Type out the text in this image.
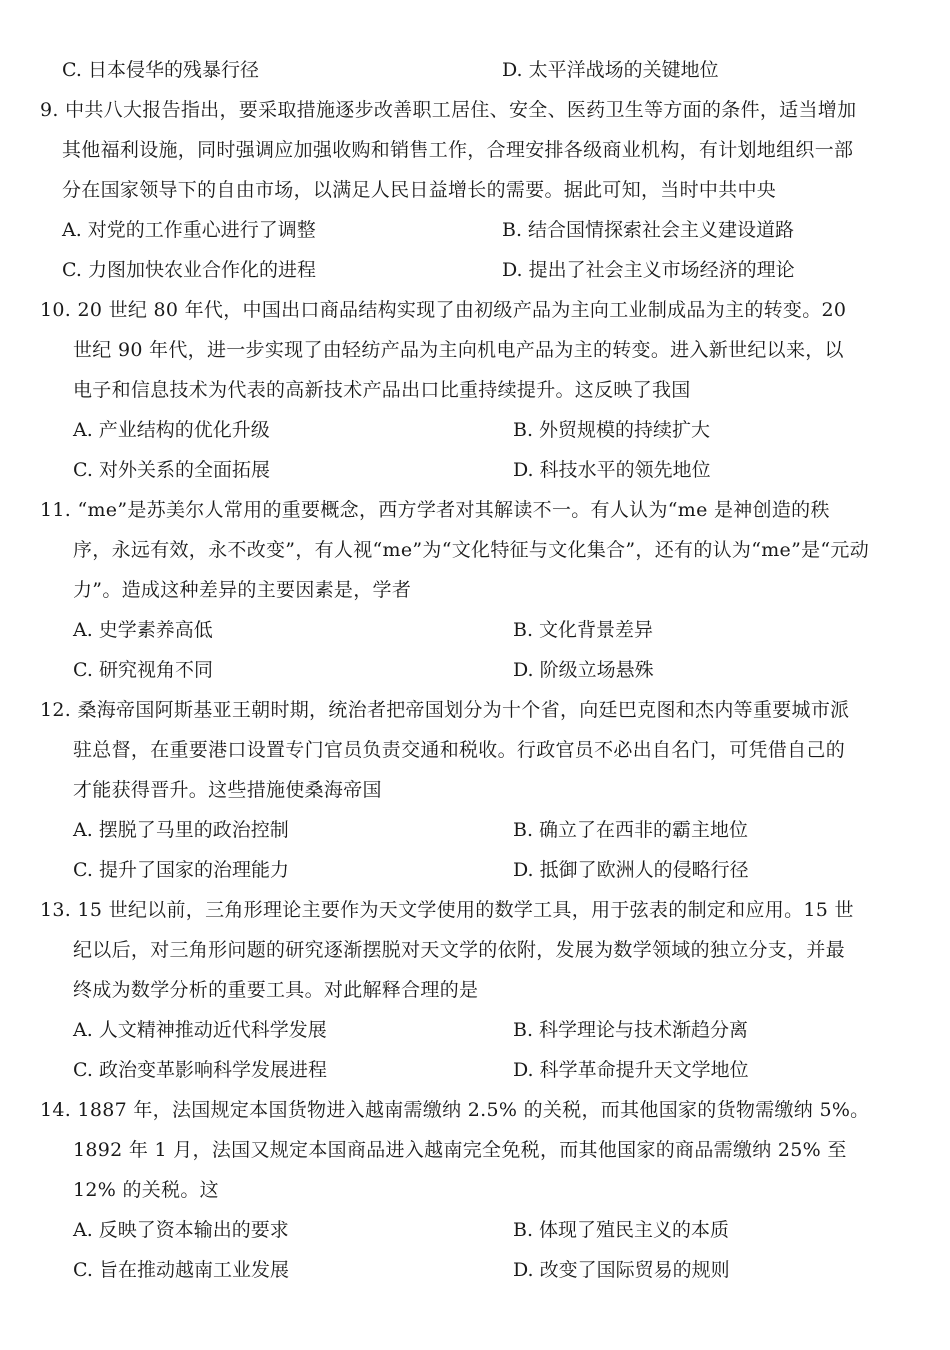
C. 日本侵华的残暴行径	D. 太平洋战场的关键地位
9. 中共八大报告指出，要采取措施逐步改善职工居住、安全、医药卫生等方面的条件，适当增加
其他福利设施，同时强调应加强收购和销售工作，合理安排各级商业机构，有计划地组织一部
分在国家领导下的自由市场，以满足人民日益增长的需要。据此可知，当时中共中央
A. 对党的工作重心进行了调整	B. 结合国情探索社会主义建设道路
C. 力图加快农业合作化的进程	D. 提出了社会主义市场经济的理论
10. 20 世纪 80 年代，中国出口商品结构实现了由初级产品为主向工业制成品为主的转变。20
世纪 90 年代，进一步实现了由轻纺产品为主向机电产品为主的转变。进入新世纪以来，以
电子和信息技术为代表的高新技术产品出口比重持续提升。这反映了我国
A. 产业结构的优化升级	B. 外贸规模的持续扩大
C. 对外关系的全面拓展	D. 科技水平的领先地位
11. “me”是苏美尔人常用的重要概念，西方学者对其解读不一。有人认为“me 是神创造的秩
序，永远有效，永不改变”，有人视“me”为“文化特征与文化集合”，还有的认为“me”是“元动
力”。造成这种差异的主要因素是，学者
A. 史学素养高低	B. 文化背景差异
C. 研究视角不同	D. 阶级立场悬殊
12. 桑海帝国阿斯基亚王朝时期，统治者把帝国划分为十个省，向廷巴克图和杰内等重要城市派
驻总督，在重要港口设置专门官员负责交通和税收。行政官员不必出自名门，可凭借自己的
才能获得晋升。这些措施使桑海帝国
A. 摆脱了马里的政治控制	B. 确立了在西非的霸主地位
C. 提升了国家的治理能力	D. 抵御了欧洲人的侵略行径
13. 15 世纪以前，三角形理论主要作为天文学使用的数学工具，用于弦表的制定和应用。15 世
纪以后，对三角形问题的研究逐渐摆脱对天文学的依附，发展为数学领域的独立分支，并最
终成为数学分析的重要工具。对此解释合理的是
A. 人文精神推动近代科学发展	B. 科学理论与技术渐趋分离
C. 政治变革影响科学发展进程	D. 科学革命提升天文学地位
14. 1887 年，法国规定本国货物进入越南需缴纳 2.5% 的关税，而其他国家的货物需缴纳 5%。
1892 年 1 月，法国又规定本国商品进入越南完全免税，而其他国家的商品需缴纳 25% 至
12% 的关税。这
A. 反映了资本输出的要求	B. 体现了殖民主义的本质
C. 旨在推动越南工业发展	D. 改变了国际贸易的规则
